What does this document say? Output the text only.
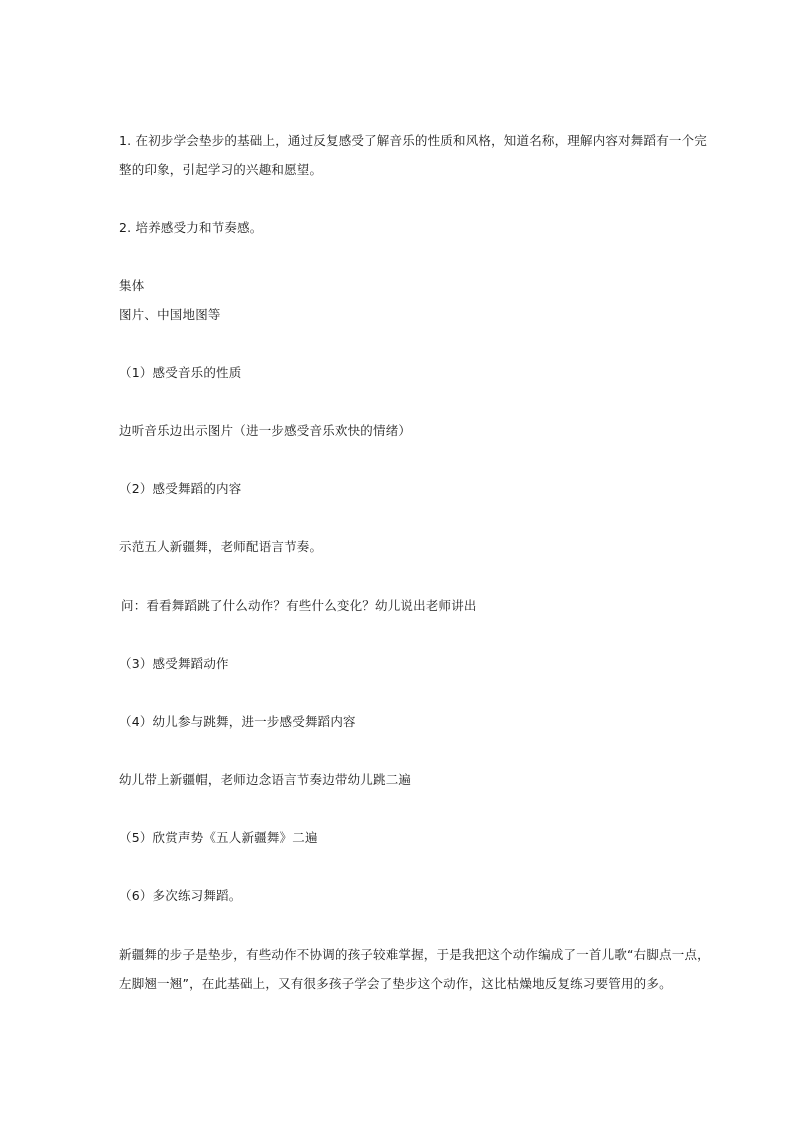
1. 在初步学会垫步的基础上，通过反复感受了解音乐的性质和风格，知道名称，理解内容对舞蹈有一个完
整的印象，引起学习的兴趣和愿望。
2. 培养感受力和节奏感。
集体
图片、中国地图等
（1）感受音乐的性质
边听音乐边出示图片（进一步感受音乐欢快的情绪）
（2）感受舞蹈的内容
示范五人新疆舞，老师配语言节奏。
问：看看舞蹈跳了什么动作？有些什么变化？幼儿说出老师讲出
（3）感受舞蹈动作
（4）幼儿参与跳舞，进一步感受舞蹈内容
幼儿带上新疆帽，老师边念语言节奏边带幼儿跳二遍
（5）欣赏声势《五人新疆舞》二遍
（6）多次练习舞蹈。
新疆舞的步子是垫步，有些动作不协调的孩子较难掌握，于是我把这个动作编成了一首儿歌“右脚点一点，
左脚翘一翘”，在此基础上，又有很多孩子学会了垫步这个动作，这比枯燥地反复练习要管用的多。
